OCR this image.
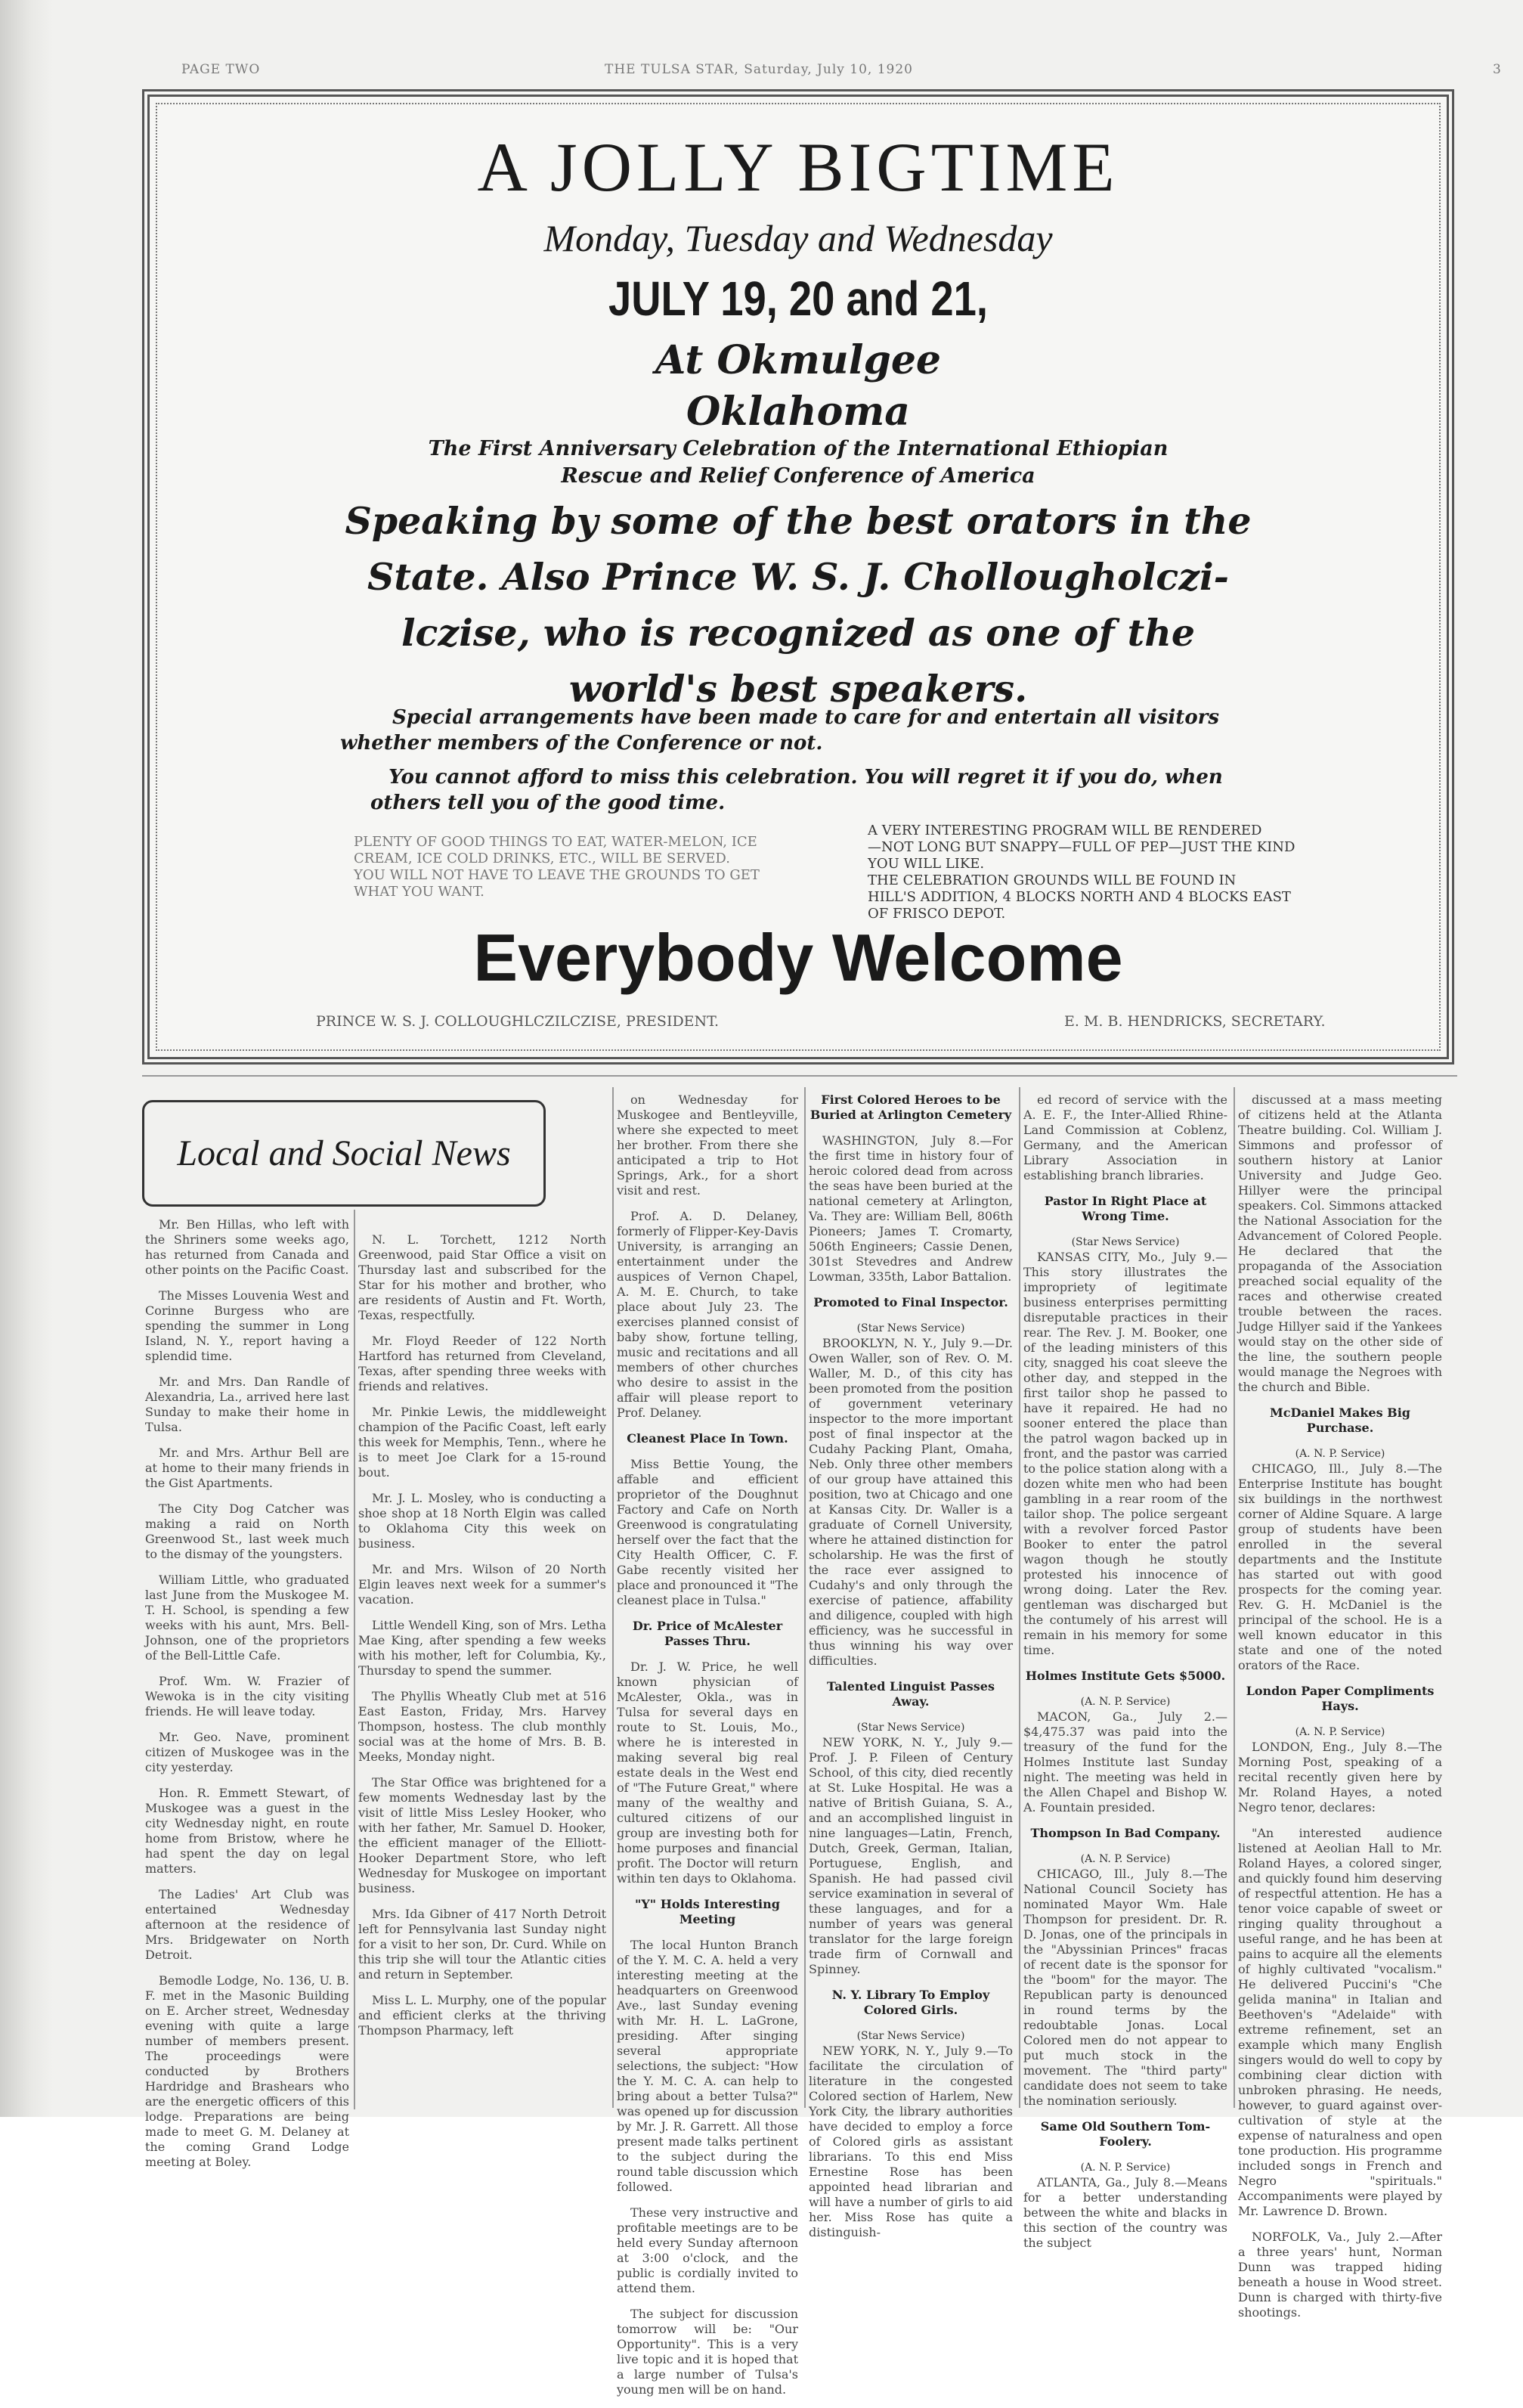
PAGE TWO	THE TULSA STAR, Saturday, July 10, 1920	3
A JOLLY BIGTIME
Monday, Tuesday and Wednesday
JULY 19, 20 and 21,
At Okmulgee
Oklahoma
The First Anniversary Celebration of the International Ethiopian
Rescue and Relief Conference of America
Speaking by some of the best orators in the
State. Also Prince W. S. J. Chollougholczi-
lczise, who is recognized as one of the
world's best speakers.
Special arrangements have been made to care for and entertain all visitors
whether members of the Conference or not.
You cannot afford to miss this celebration. You will regret it if you do, when
others tell you of the good time.
PLENTY OF GOOD THINGS TO EAT, WATER-MELON, ICE
CREAM, ICE COLD DRINKS, ETC., WILL BE SERVED.
YOU WILL NOT HAVE TO LEAVE THE GROUNDS TO GET
WHAT YOU WANT.
A VERY INTERESTING PROGRAM WILL BE RENDERED
—NOT LONG BUT SNAPPY—FULL OF PEP—JUST THE KIND
YOU WILL LIKE.
THE CELEBRATION GROUNDS WILL BE FOUND IN
HILL'S ADDITION, 4 BLOCKS NORTH AND 4 BLOCKS EAST
OF FRISCO DEPOT.
Everybody Welcome
PRINCE W. S. J. COLLOUGHLCZILCZISE, PRESIDENT.	E. M. B. HENDRICKS, SECRETARY.
Local and Social News

Mr. Ben Hillas, who left with the Shriners some weeks ago, has returned from Canada and other points on the Pacific Coast.

The Misses Louvenia West and Corinne Burgess who are spending the summer in Long Island, N. Y., report having a splendid time.

Mr. and Mrs. Dan Randle of Alexandria, La., arrived here last Sunday to make their home in Tulsa.

Mr. and Mrs. Arthur Bell are at home to their many friends in the Gist Apartments.

The City Dog Catcher was making a raid on North Greenwood St., last week much to the dismay of the youngsters.

William Little, who graduated last June from the Muskogee M. T. H. School, is spending a few weeks with his aunt, Mrs. Bell-Johnson, one of the proprietors of the Bell-Little Cafe.

Prof. Wm. W. Frazier of Wewoka is in the city visiting friends. He will leave today.

Mr. Geo. Nave, prominent citizen of Muskogee was in the city yesterday.

Hon. R. Emmett Stewart, of Muskogee was a guest in the city Wednesday night, en route home from Bristow, where he had spent the day on legal matters.

The Ladies' Art Club was entertained Wednesday afternoon at the residence of Mrs. Bridgewater on North Detroit.

Bemodle Lodge, No. 136, U. B. F. met in the Masonic Building on E. Archer street, Wednesday evening with quite a large number of members present. The proceedings were conducted by Brothers Hardridge and Brashears who are the energetic officers of this lodge. Preparations are being made to meet G. M. Delaney at the coming Grand Lodge meeting at Boley.

N. L. Torchett, 1212 North Greenwood, paid Star Office a visit on Thursday last and subscribed for the Star for his mother and brother, who are residents of Austin and Ft. Worth, Texas, respectfully.

Mr. Floyd Reeder of 122 North Hartford has returned from Cleveland, Texas, after spending three weeks with friends and relatives.

Mr. Pinkie Lewis, the middleweight champion of the Pacific Coast, left early this week for Memphis, Tenn., where he is to meet Joe Clark for a 15-round bout.

Mr. J. L. Mosley, who is conducting a shoe shop at 18 North Elgin was called to Oklahoma City this week on business.

Mr. and Mrs. Wilson of 20 North Elgin leaves next week for a summer's vacation.

Little Wendell King, son of Mrs. Letha Mae King, after spending a few weeks with his mother, left for Columbia, Ky., Thursday to spend the summer.

The Phyllis Wheatly Club met at 516 East Easton, Friday, Mrs. Harvey Thompson, hostess. The club monthly social was at the home of Mrs. B. B. Meeks, Monday night.

The Star Office was brightened for a few moments Wednesday last by the visit of little Miss Lesley Hooker, who with her father, Mr. Samuel D. Hooker, the efficient manager of the Elliott-Hooker Department Store, who left Wednesday for Muskogee on important business.

Mrs. Ida Gibner of 417 North Detroit left for Pennsylvania last Sunday night for a visit to her son, Dr. Curd. While on this trip she will tour the Atlantic cities and return in September.

Miss L. L. Murphy, one of the popular and efficient clerks at the thriving Thompson Pharmacy, left

on Wednesday for Muskogee and Bentleyville, where she expected to meet her brother. From there she anticipated a trip to Hot Springs, Ark., for a short visit and rest.

Prof. A. D. Delaney, formerly of Flipper-Key-Davis University, is arranging an entertainment under the auspices of Vernon Chapel, A. M. E. Church, to take place about July 23. The exercises planned consist of baby show, fortune telling, music and recitations and all members of other churches who desire to assist in the affair will please report to Prof. Delaney.

Cleanest Place In Town.

Miss Bettie Young, the affable and efficient proprietor of the Doughnut Factory and Cafe on North Greenwood is congratulating herself over the fact that the City Health Officer, C. F. Gabe recently visited her place and pronounced it "The cleanest place in Tulsa."

Dr. Price of McAlester Passes Thru.

Dr. J. W. Price, he well known physician of McAlester, Okla., was in Tulsa for several days en route to St. Louis, Mo., where he is interested in making several big real estate deals in the West end of "The Future Great," where many of the wealthy and cultured citizens of our group are investing both for home purposes and financial profit. The Doctor will return within ten days to Oklahoma.

"Y" Holds Interesting Meeting

The local Hunton Branch of the Y. M. C. A. held a very interesting meeting at the headquarters on Greenwood Ave., last Sunday evening with Mr. H. L. LaGrone, presiding. After singing several appropriate selections, the subject: "How the Y. M. C. A. can help to bring about a better Tulsa?" was opened up for discussion by Mr. J. R. Garrett. All those present made talks pertinent to the subject during the round table discussion which followed.

These very instructive and profitable meetings are to be held every Sunday afternoon at 3:00 o'clock, and the public is cordially invited to attend them.

The subject for discussion tomorrow will be: "Our Opportunity". This is a very live topic and it is hoped that a large number of Tulsa's young men will be on hand.

First Colored Heroes to be Buried at Arlington Cemetery

WASHINGTON, July 8.—For the first time in history four of heroic colored dead from across the seas have been buried at the national cemetery at Arlington, Va. They are: William Bell, 806th Pioneers; James T. Cromarty, 506th Engineers; Cassie Denen, 301st Stevedres and Andrew Lowman, 335th, Labor Battalion.

Promoted to Final Inspector.

(Star News Service)

BROOKLYN, N. Y., July 9.—Dr. Owen Waller, son of Rev. O. M. Waller, M. D., of this city has been promoted from the position of government veterinary inspector to the more important post of final inspector at the Cudahy Packing Plant, Omaha, Neb. Only three other members of our group have attained this position, two at Chicago and one at Kansas City. Dr. Waller is a graduate of Cornell University, where he attained distinction for scholarship. He was the first of the race ever assigned to Cudahy's and only through the exercise of patience, affability and diligence, coupled with high efficiency, was he successful in thus winning his way over difficulties.

Talented Linguist Passes Away.

(Star News Service)

NEW YORK, N. Y., July 9.—Prof. J. P. Fileen of Century School, of this city, died recently at St. Luke Hospital. He was a native of British Guiana, S. A., and an accomplished linguist in nine languages—Latin, French, Dutch, Greek, German, Italian, Portuguese, English, and Spanish. He had passed civil service examination in several of these languages, and for a number of years was general translator for the large foreign trade firm of Cornwall and Spinney.

N. Y. Library To Employ Colored Girls.

(Star News Service)

NEW YORK, N. Y., July 9.—To facilitate the circulation of literature in the congested Colored section of Harlem, New York City, the library authorities have decided to employ a force of Colored girls as assistant librarians. To this end Miss Ernestine Rose has been appointed head librarian and will have a number of girls to aid her. Miss Rose has quite a distinguish-

ed record of service with the A. E. F., the Inter-Allied Rhine-Land Commission at Coblenz, Germany, and the American Library Association in establishing branch libraries.

Pastor In Right Place at Wrong Time.

(Star News Service)

KANSAS CITY, Mo., July 9.—This story illustrates the impropriety of legitimate business enterprises permitting disreputable practices in their rear. The Rev. J. M. Booker, one of the leading ministers of this city, snagged his coat sleeve the other day, and stepped in the first tailor shop he passed to have it repaired. He had no sooner entered the place than the patrol wagon backed up in front, and the pastor was carried to the police station along with a dozen white men who had been gambling in a rear room of the tailor shop. The police sergeant with a revolver forced Pastor Booker to enter the patrol wagon though he stoutly protested his innocence of wrong doing. Later the Rev. gentleman was discharged but the contumely of his arrest will remain in his memory for some time.

Holmes Institute Gets $5000.

(A. N. P. Service)

MACON, Ga., July 2.—$4,475.37 was paid into the treasury of the fund for the Holmes Institute last Sunday night. The meeting was held in the Allen Chapel and Bishop W. A. Fountain presided.

Thompson In Bad Company.

(A. N. P. Service)

CHICAGO, Ill., July 8.—The National Council Society has nominated Mayor Wm. Hale Thompson for president. Dr. R. D. Jonas, one of the principals in the "Abyssinian Princes" fracas of recent date is the sponsor for the "boom" for the mayor. The Republican party is denounced in round terms by the redoubtable Jonas. Local Colored men do not appear to put much stock in the movement. The "third party" candidate does not seem to take the nomination seriously.

Same Old Southern Tom-Foolery.

(A. N. P. Service)

ATLANTA, Ga., July 8.—Means for a better understanding between the white and blacks in this section of the country was the subject

discussed at a mass meeting of citizens held at the Atlanta Theatre building. Col. William J. Simmons and professor of southern history at Lanior University and Judge Geo. Hillyer were the principal speakers. Col. Simmons attacked the National Association for the Advancement of Colored People. He declared that the propaganda of the Association preached social equality of the races and otherwise created trouble between the races. Judge Hillyer said if the Yankees would stay on the other side of the line, the southern people would manage the Negroes with the church and Bible.

McDaniel Makes Big Purchase.

(A. N. P. Service)

CHICAGO, Ill., July 8.—The Enterprise Institute has bought six buildings in the northwest corner of Aldine Square. A large group of students have been enrolled in the several departments and the Institute has started out with good prospects for the coming year. Rev. G. H. McDaniel is the principal of the school. He is a well known educator in this state and one of the noted orators of the Race.

London Paper Compliments Hays.

(A. N. P. Service)

LONDON, Eng., July 8.—The Morning Post, speaking of a recital recently given here by Mr. Roland Hayes, a noted Negro tenor, declares:

"An interested audience listened at Aeolian Hall to Mr. Roland Hayes, a colored singer, and quickly found him deserving of respectful attention. He has a tenor voice capable of sweet or ringing quality throughout a useful range, and he has been at pains to acquire all the elements of highly cultivated "vocalism." He delivered Puccini's "Che gelida manina" in Italian and Beethoven's "Adelaide" with extreme refinement, set an example which many English singers would do well to copy by combining clear diction with unbroken phrasing. He needs, however, to guard against over-cultivation of style at the expense of naturalness and open tone production. His programme included songs in French and Negro "spirituals." Accompaniments were played by Mr. Lawrence D. Brown.

NORFOLK, Va., July 2.—After a three years' hunt, Norman Dunn was trapped hiding beneath a house in Wood street. Dunn is charged with thirty-five shootings.
